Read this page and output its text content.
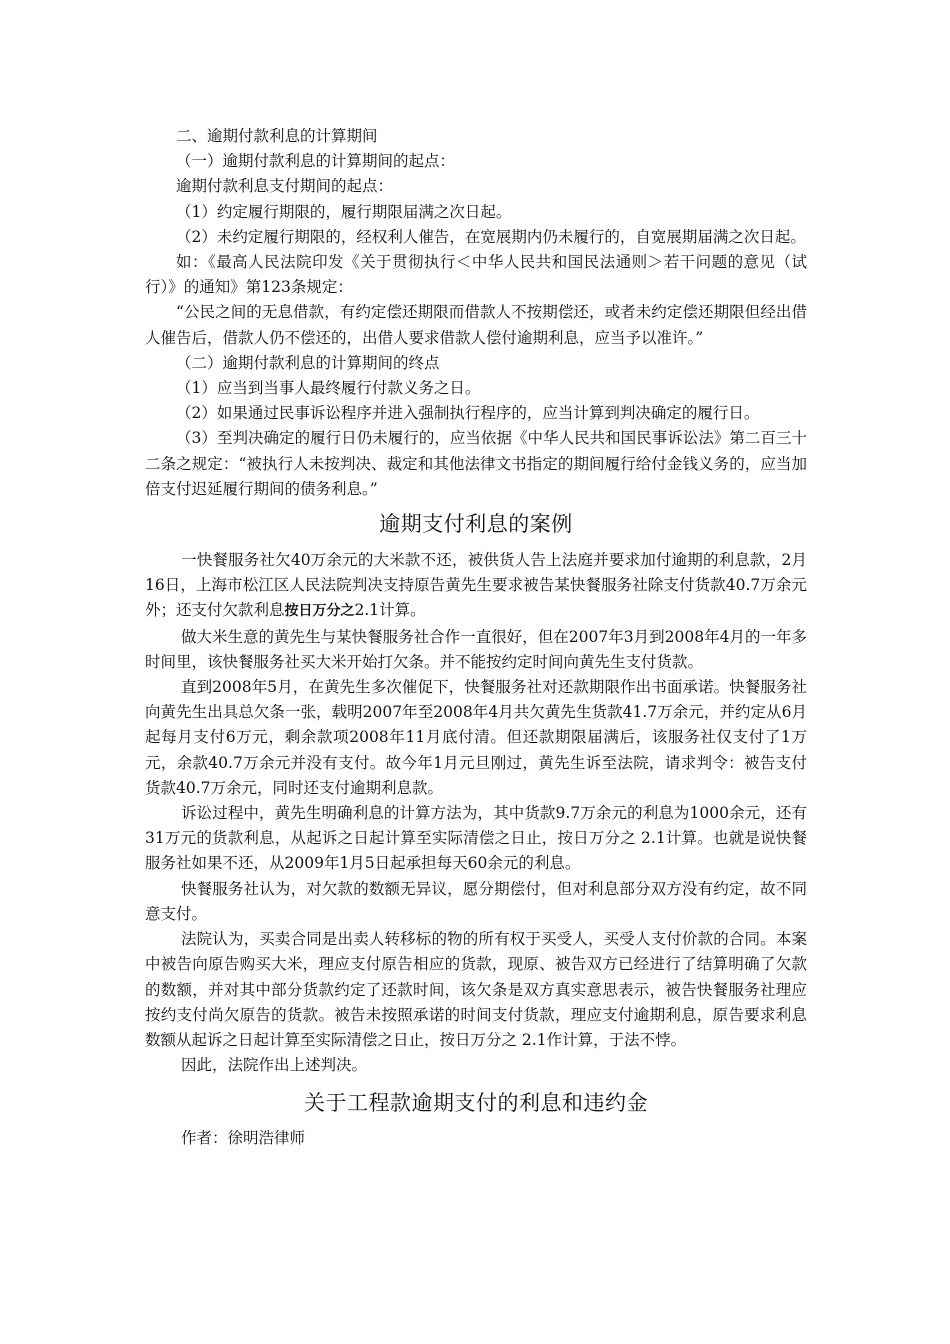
二、逾期付款利息的计算期间

（一）逾期付款利息的计算期间的起点：

逾期付款利息支付期间的起点：

（1）约定履行期限的，履行期限届满之次日起。

（2）未约定履行期限的，经权利人催告，在宽展期内仍未履行的，自宽展期届满之次日起。

如：《最高人民法院印发《关于贯彻执行＜中华人民共和国民法通则＞若干问题的意见（试行）》的通知》第123条规定：

“公民之间的无息借款，有约定偿还期限而借款人不按期偿还，或者未约定偿还期限但经出借人催告后，借款人仍不偿还的，出借人要求借款人偿付逾期利息，应当予以准许。”

（二）逾期付款利息的计算期间的终点

（1）应当到当事人最终履行付款义务之日。

（2）如果通过民事诉讼程序并进入强制执行程序的，应当计算到判决确定的履行日。

（3）至判决确定的履行日仍未履行的，应当依据《中华人民共和国民事诉讼法》第二百三十二条之规定：“被执行人未按判决、裁定和其他法律文书指定的期间履行给付金钱义务的，应当加倍支付迟延履行期间的债务利息。”

逾期支付利息的案例

一快餐服务社欠40万余元的大米款不还，被供货人告上法庭并要求加付逾期的利息款，2月16日，上海市松江区人民法院判决支持原告黄先生要求被告某快餐服务社除支付货款40.7万余元外；还支付欠款利息按日万分之2.1计算。

做大米生意的黄先生与某快餐服务社合作一直很好，但在2007年3月到2008年4月的一年多时间里，该快餐服务社买大米开始打欠条。并不能按约定时间向黄先生支付货款。

直到2008年5月，在黄先生多次催促下，快餐服务社对还款期限作出书面承诺。快餐服务社向黄先生出具总欠条一张，载明2007年至2008年4月共欠黄先生货款41.7万余元，并约定从6月起每月支付6万元，剩余款项2008年11月底付清。但还款期限届满后，该服务社仅支付了1万元，余款40.7万余元并没有支付。故今年1月元旦刚过，黄先生诉至法院，请求判令：被告支付货款40.7万余元，同时还支付逾期利息款。

诉讼过程中，黄先生明确利息的计算方法为，其中货款9.7万余元的利息为1000余元，还有31万元的货款利息，从起诉之日起计算至实际清偿之日止，按日万分之 2.1计算。也就是说快餐服务社如果不还，从2009年1月5日起承担每天60余元的利息。

快餐服务社认为，对欠款的数额无异议，愿分期偿付，但对利息部分双方没有约定，故不同意支付。

法院认为，买卖合同是出卖人转移标的物的所有权于买受人，买受人支付价款的合同。本案中被告向原告购买大米，理应支付原告相应的货款，现原、被告双方已经进行了结算明确了欠款的数额，并对其中部分货款约定了还款时间，该欠条是双方真实意思表示，被告快餐服务社理应按约支付尚欠原告的货款。被告未按照承诺的时间支付货款，理应支付逾期利息，原告要求利息数额从起诉之日起计算至实际清偿之日止，按日万分之 2.1作计算，于法不悖。

因此，法院作出上述判决。

关于工程款逾期支付的利息和违约金

作者：徐明浩律师
